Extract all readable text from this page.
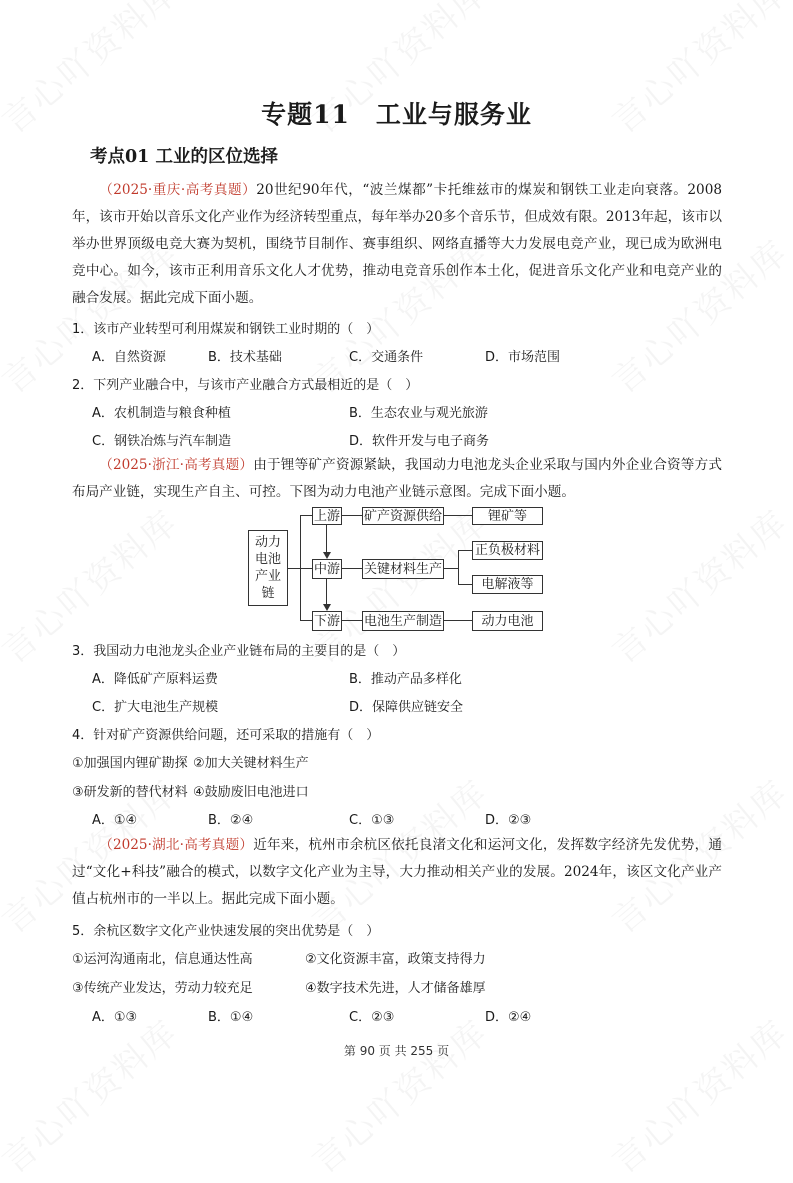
专题11　工业与服务业
考点01 工业的区位选择
（2025·重庆·高考真题）20世纪90年代，“波兰煤都”卡托维兹市的煤炭和钢铁工业走向衰落。2008年，该市开始以音乐文化产业作为经济转型重点，每年举办20多个音乐节，但成效有限。2013年起，该市以举办世界顶级电竞大赛为契机，围绕节目制作、赛事组织、网络直播等大力发展电竞产业，现已成为欧洲电竞中心。如今，该市正利用音乐文化人才优势，推动电竞音乐创作本土化，促进音乐文化产业和电竞产业的融合发展。据此完成下面小题。
1．该市产业转型可利用煤炭和钢铁工业时期的（　）
A．自然资源	B．技术基础	C．交通条件	D．市场范围
2．下列产业融合中，与该市产业融合方式最相近的是（　）
A．农机制造与粮食种植	B．生态农业与观光旅游
C．钢铁冶炼与汽车制造	D．软件开发与电子商务
（2025·浙江·高考真题）由于锂等矿产资源紧缺，我国动力电池龙头企业采取与国内外企业合资等方式布局产业链，实现生产自主、可控。下图为动力电池产业链示意图。完成下面小题。
动力
电池
产业
链
上游
中游
下游
矿产资源供给
关键材料生产
电池生产制造
锂矿等
正负极材料
电解液等
动力电池
3．我国动力电池龙头企业产业链布局的主要目的是（　）
A．降低矿产原料运费	B．推动产品多样化
C．扩大电池生产规模	D．保障供应链安全
4．针对矿产资源供给问题，还可采取的措施有（　）
①加强国内锂矿勘探 ②加大关键材料生产
③研发新的替代材料 ④鼓励废旧电池进口
A．①④	B．②④	C．①③	D．②③
（2025·湖北·高考真题）近年来，杭州市余杭区依托良渚文化和运河文化，发挥数字经济先发优势，通过“文化+科技”融合的模式，以数字文化产业为主导，大力推动相关产业的发展。2024年，该区文化产业产值占杭州市的一半以上。据此完成下面小题。
5．余杭区数字文化产业快速发展的突出优势是（　）
①运河沟通南北，信息通达性高	②文化资源丰富，政策支持得力
③传统产业发达，劳动力较充足	④数字技术先进，人才储备雄厚
A．①③	B．①④	C．②③	D．②④
第 90 页 共 255 页
